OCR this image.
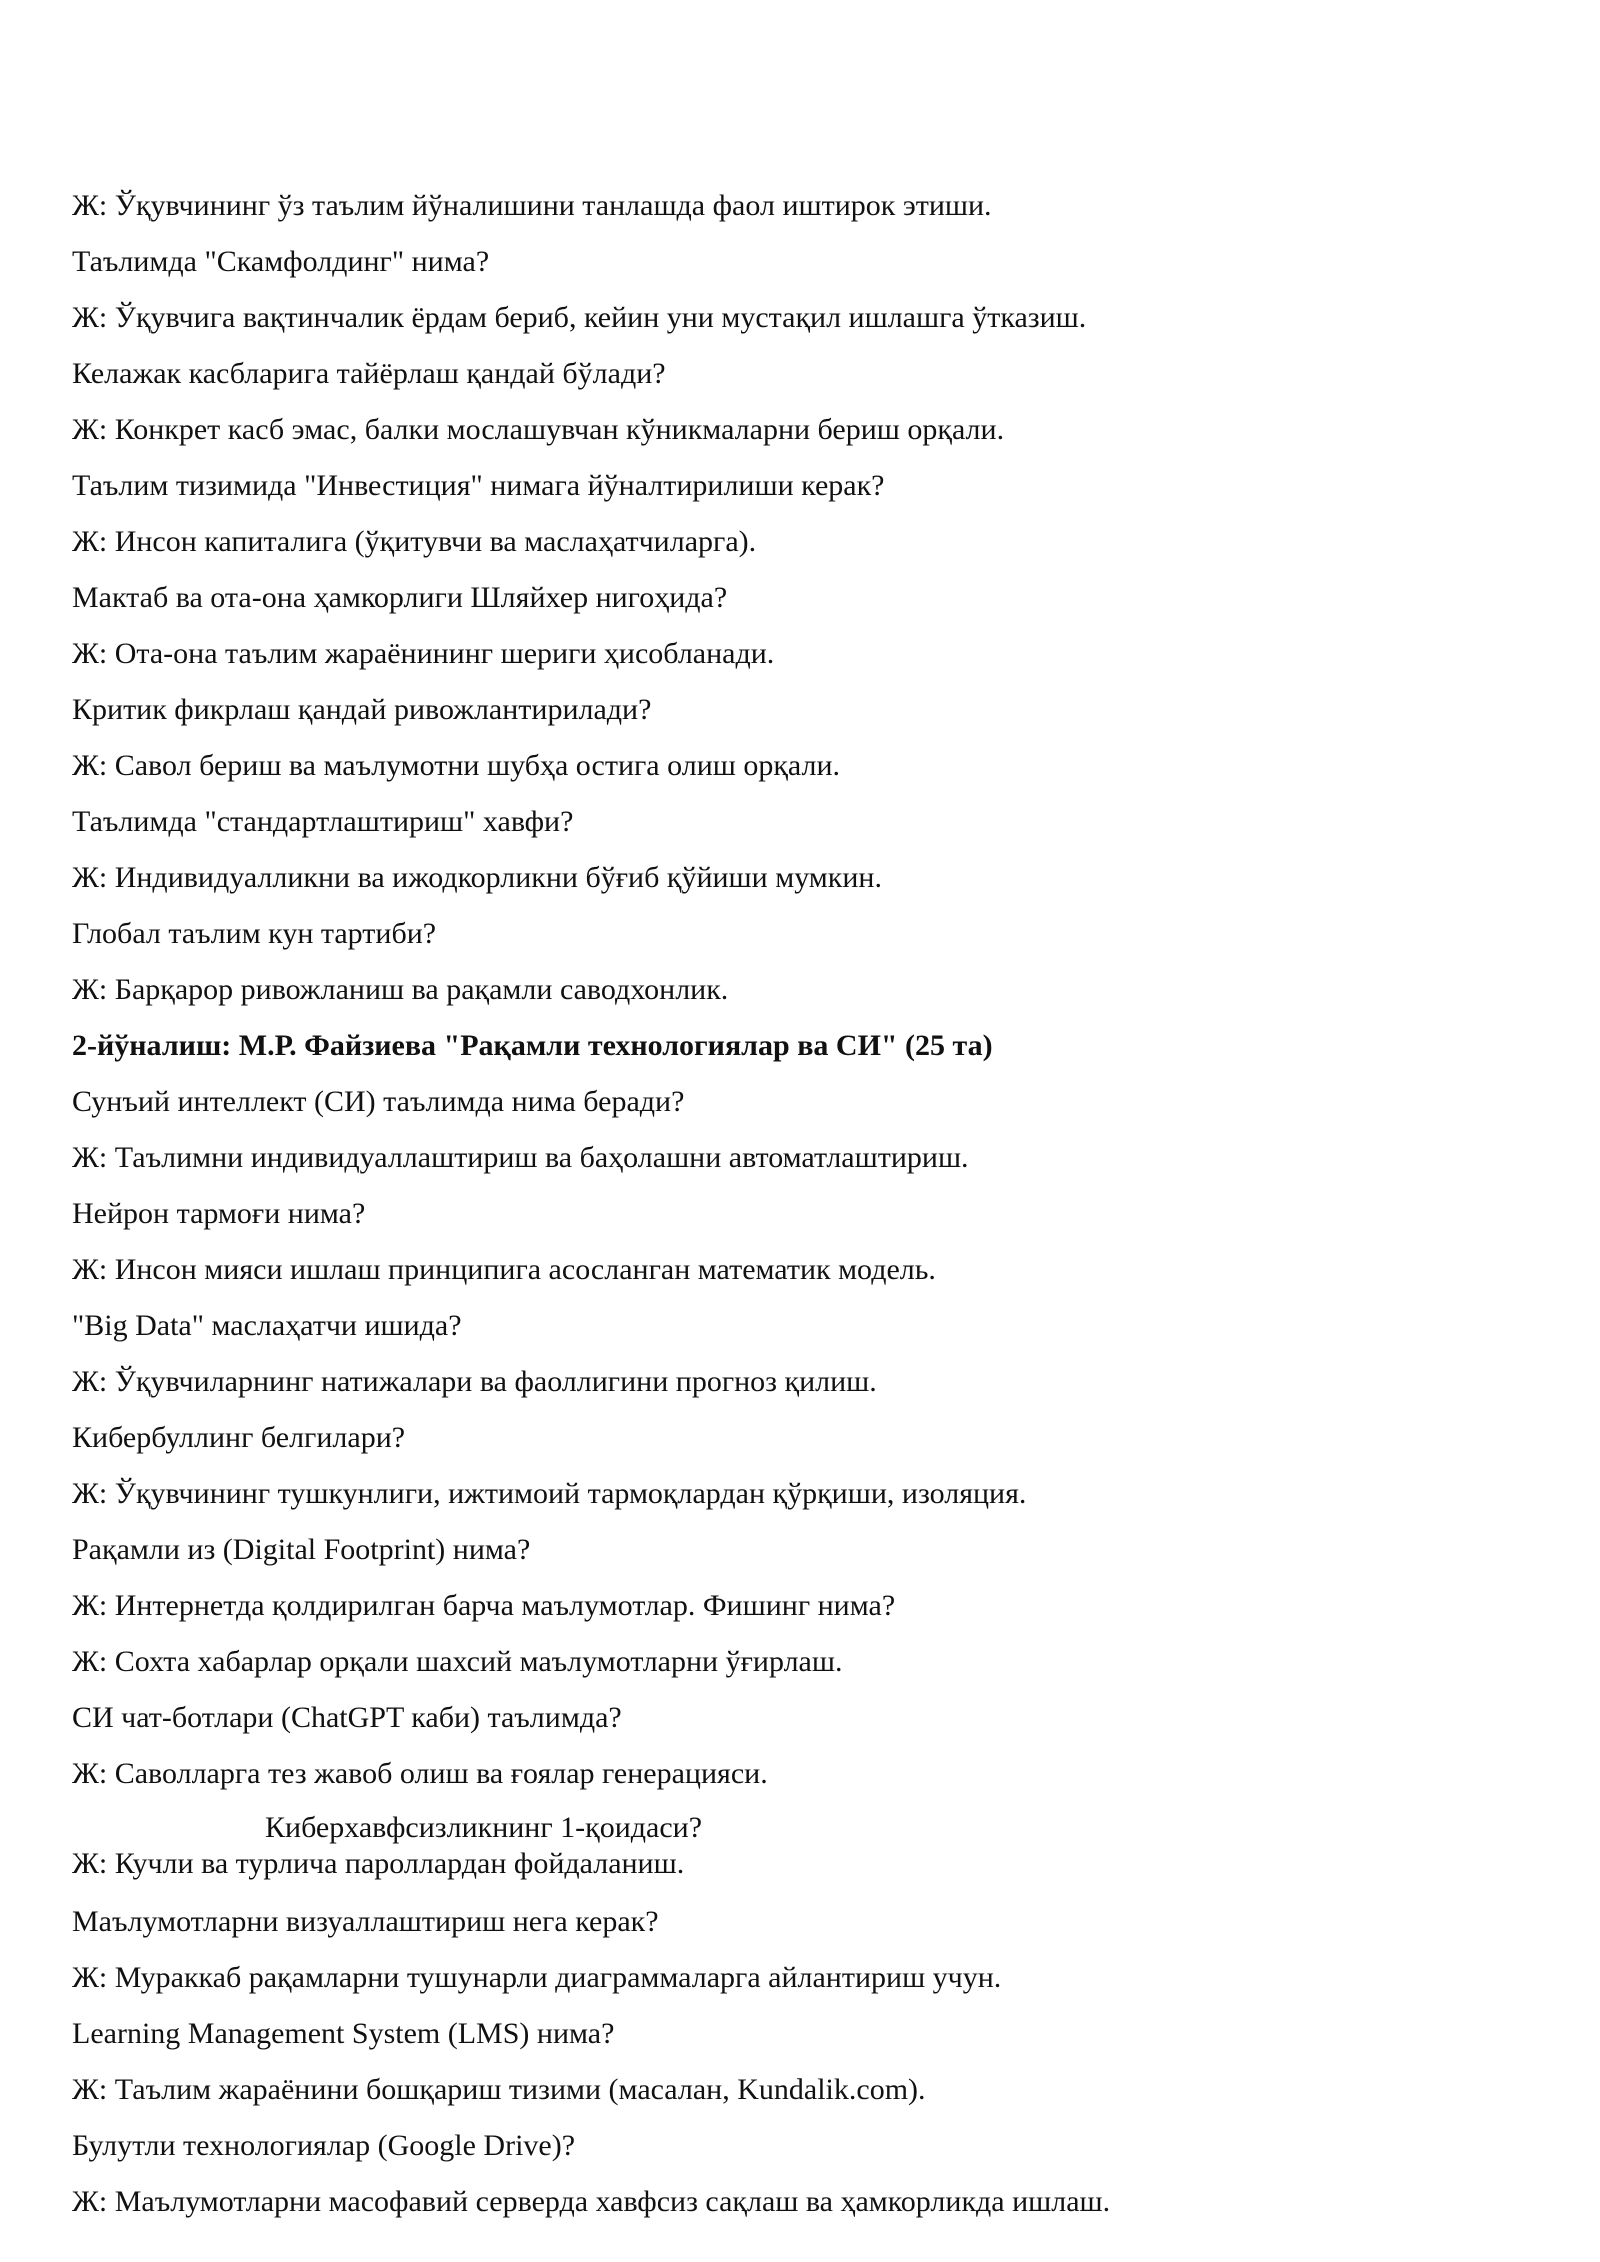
Ж: Ўқувчининг ўз таълим йўналишини танлашда фаол иштирок этиши.
Таълимда "Скамфолдинг" нима?
Ж: Ўқувчига вақтинчалик ёрдам бериб, кейин уни мустақил ишлашга ўтказиш.
Келажак касбларига тайёрлаш қандай бўлади?
Ж: Конкрет касб эмас, балки мослашувчан кўникмаларни бериш орқали.
Таълим тизимида "Инвестиция" нимага йўналтирилиши керак?
Ж: Инсон капиталига (ўқитувчи ва маслаҳатчиларга).
Мактаб ва ота-она ҳамкорлиги Шляйхер нигоҳида?
Ж: Ота-она таълим жараёнининг шериги ҳисобланади.
Критик фикрлаш қандай ривожлантирилади?
Ж: Савол бериш ва маълумотни шубҳа остига олиш орқали.
Таълимда "стандартлаштириш" хавфи?
Ж: Индивидуалликни ва ижодкорликни бўғиб қўйиши мумкин.
Глобал таълим кун тартиби?
Ж: Барқарор ривожланиш ва рақамли саводхонлик.
2-йўналиш: М.Р. Файзиева "Рақамли технологиялар ва СИ" (25 та)
Сунъий интеллект (СИ) таълимда нима беради?
Ж: Таълимни индивидуаллаштириш ва баҳолашни автоматлаштириш.
Нейрон тармоғи нима?
Ж: Инсон мияси ишлаш принципига асосланган математик модель.
"Big Data" маслаҳатчи ишида?
Ж: Ўқувчиларнинг натижалари ва фаоллигини прогноз қилиш.
Кибербуллинг белгилари?
Ж: Ўқувчининг тушкунлиги, ижтимоий тармоқлардан қўрқиши, изоляция.
Рақамли из (Digital Footprint) нима?
Ж: Интернетда қолдирилган барча маълумотлар. Фишинг нима?
Ж: Сохта хабарлар орқали шахсий маълумотларни ўғирлаш.
СИ чат-ботлари (ChatGPT каби) таълимда?
Ж: Саволларга тез жавоб олиш ва ғоялар генерацияси.
Киберхавфсизликнинг 1-қоидаси?
Ж: Кучли ва турлича пароллардан фойдаланиш.
Маълумотларни визуаллаштириш нега керак?
Ж: Мураккаб рақамларни тушунарли диаграммаларга айлантириш учун.
Learning Management System (LMS) нима?
Ж: Таълим жараёнини бошқариш тизими (масалан, Kundalik.com).
Булутли технологиялар (Google Drive)?
Ж: Маълумотларни масофавий серверда хавфсиз сақлаш ва ҳамкорликда ишлаш.
